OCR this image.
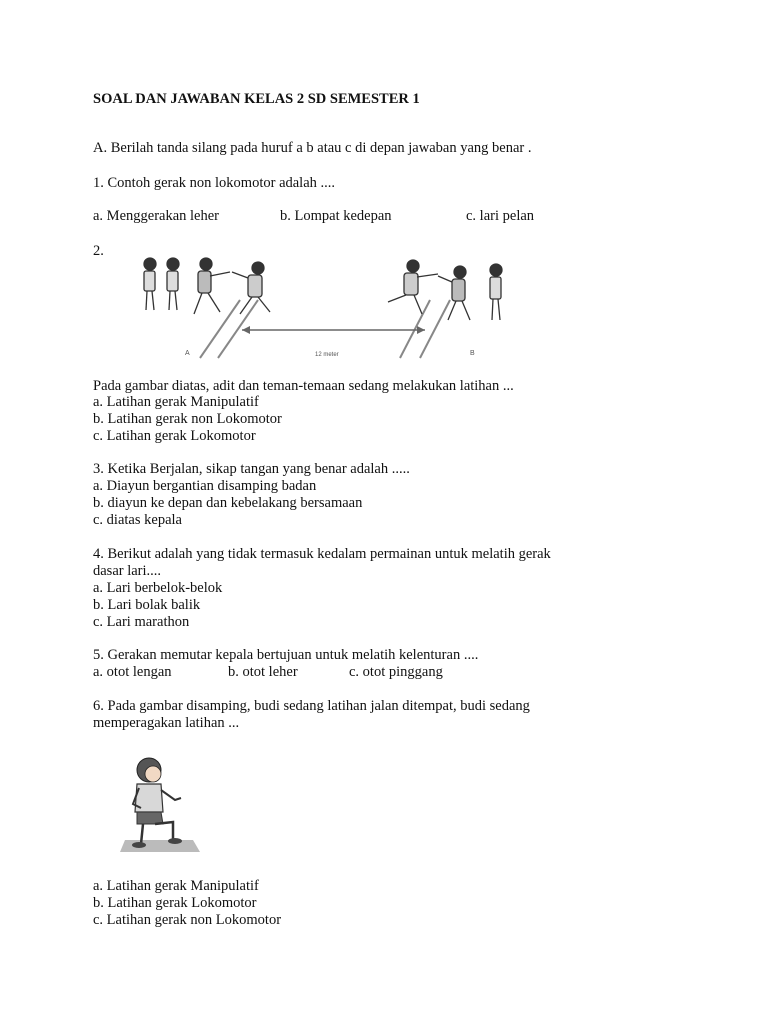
SOAL DAN JAWABAN KELAS 2 SD SEMESTER 1
A. Berilah tanda silang pada huruf a b atau c di depan jawaban yang benar .
1. Contoh gerak non lokomotor adalah ....
a. Menggerakan leher	b. Lompat kedepan	c. lari pelan
2.
A	12 meter	B
Pada gambar diatas, adit dan teman-temaan sedang melakukan latihan ...
a. Latihan gerak Manipulatif
b. Latihan gerak non Lokomotor
c. Latihan gerak Lokomotor
3. Ketika Berjalan, sikap tangan yang benar adalah .....
a. Diayun bergantian disamping badan
b. diayun ke depan dan kebelakang bersamaan
c. diatas kepala
4. Berikut adalah yang tidak termasuk kedalam permainan untuk melatih gerak
dasar lari....
a. Lari berbelok-belok
b. Lari bolak balik
c. Lari marathon
5. Gerakan memutar kepala bertujuan untuk melatih kelenturan ....
a. otot lengan	b. otot leher	c. otot pinggang
6. Pada gambar disamping, budi sedang latihan jalan ditempat, budi sedang
memperagakan latihan ...
a. Latihan gerak Manipulatif
b. Latihan gerak Lokomotor
c. Latihan gerak non Lokomotor
